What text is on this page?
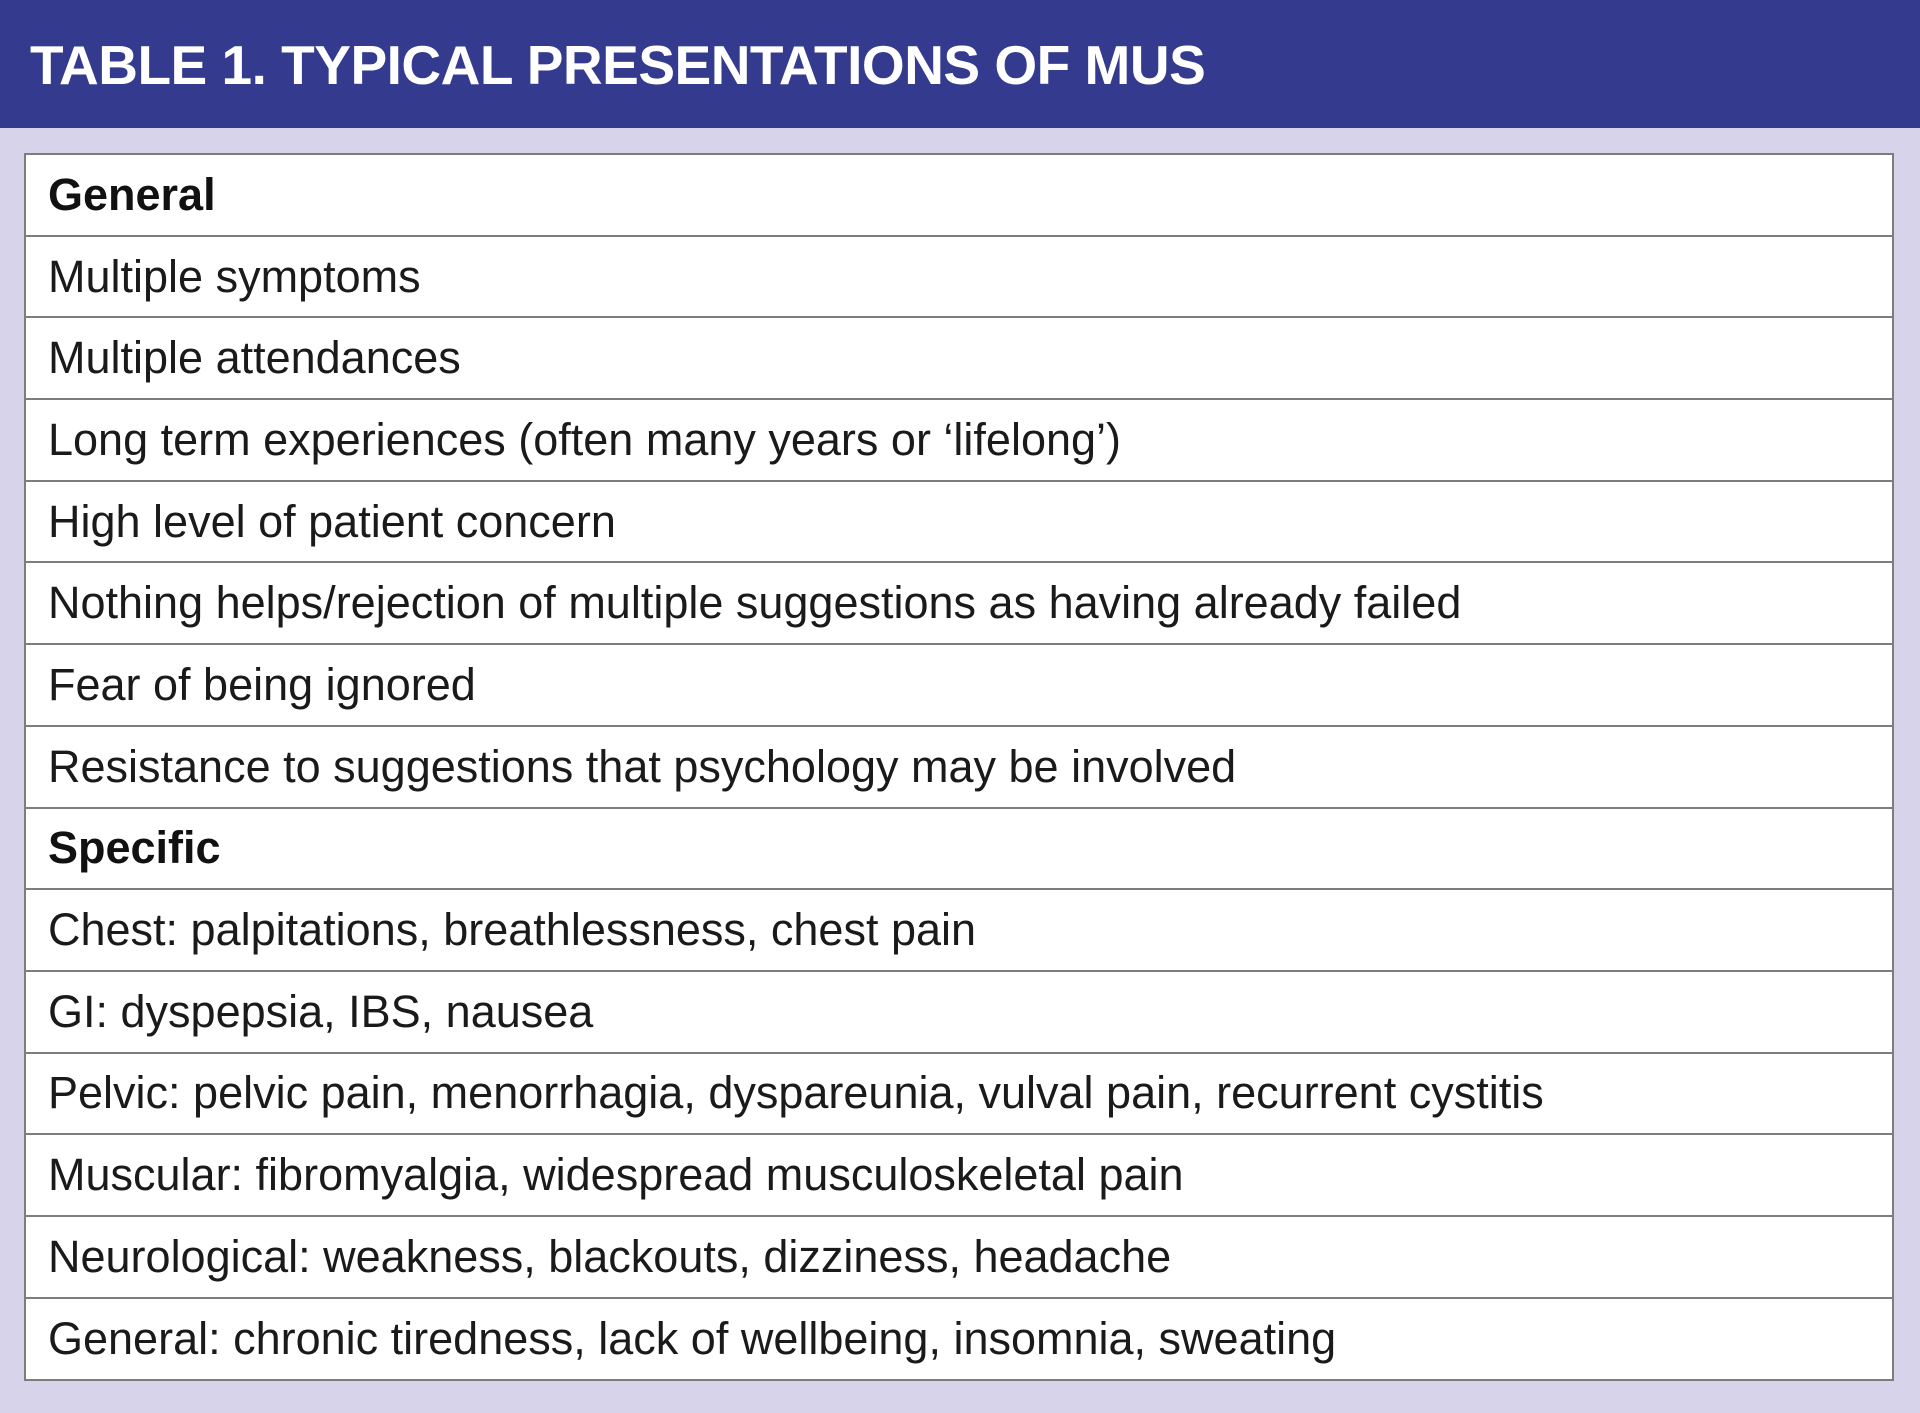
TABLE 1. TYPICAL PRESENTATIONS OF MUS
General
Multiple symptoms
Multiple attendances
Long term experiences (often many years or ‘lifelong’)
High level of patient concern
Nothing helps/rejection of multiple suggestions as having already failed
Fear of being ignored
Resistance to suggestions that psychology may be involved
Specific
Chest: palpitations, breathlessness, chest pain
GI: dyspepsia, IBS, nausea
Pelvic: pelvic pain, menorrhagia, dyspareunia, vulval pain, recurrent cystitis
Muscular: fibromyalgia, widespread musculoskeletal pain
Neurological: weakness, blackouts, dizziness, headache
General: chronic tiredness, lack of wellbeing, insomnia, sweating
